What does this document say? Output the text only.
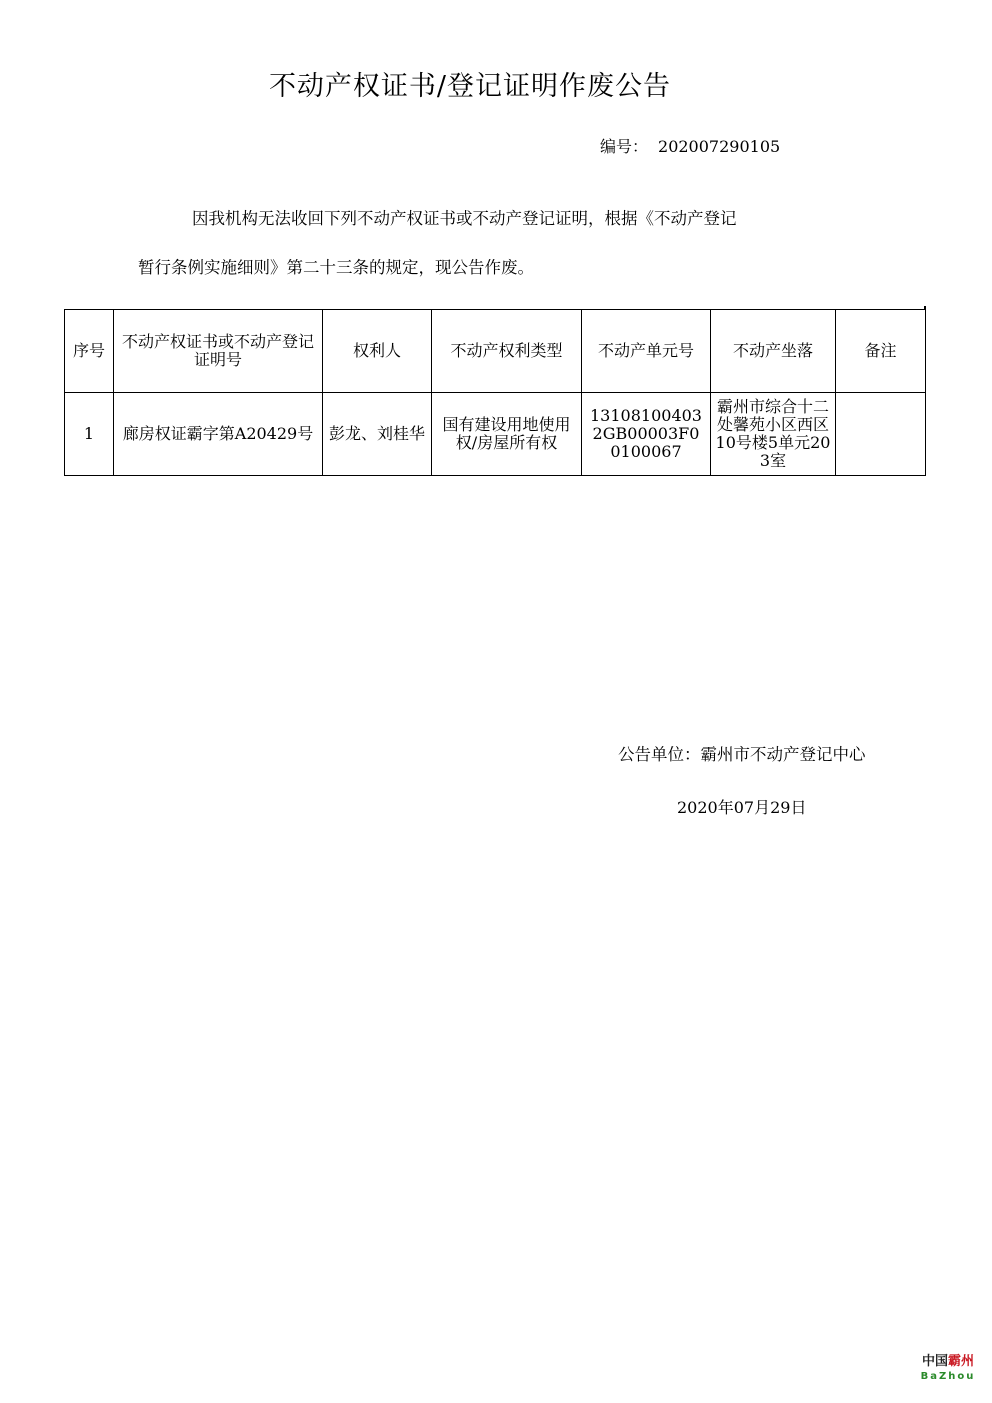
不动产权证书/登记证明作废公告
编号： 202007290105
因我机构无法收回下列不动产权证书或不动产登记证明，根据《不动产登记
暂行条例实施细则》第二十三条的规定，现公告作废。
序号	不动产权证书或不动产登记证明号	权利人	不动产权利类型	不动产单元号	不动产坐落	备注
1	廊房权证霸字第A20429号	彭龙、刘桂华	国有建设用地使用权/房屋所有权	131081004032GB00003F00100067	霸州市综合十二处馨苑小区西区10号楼5单元203室	
公告单位：霸州市不动产登记中心
2020年07月29日
中国霸州
BaZhou
